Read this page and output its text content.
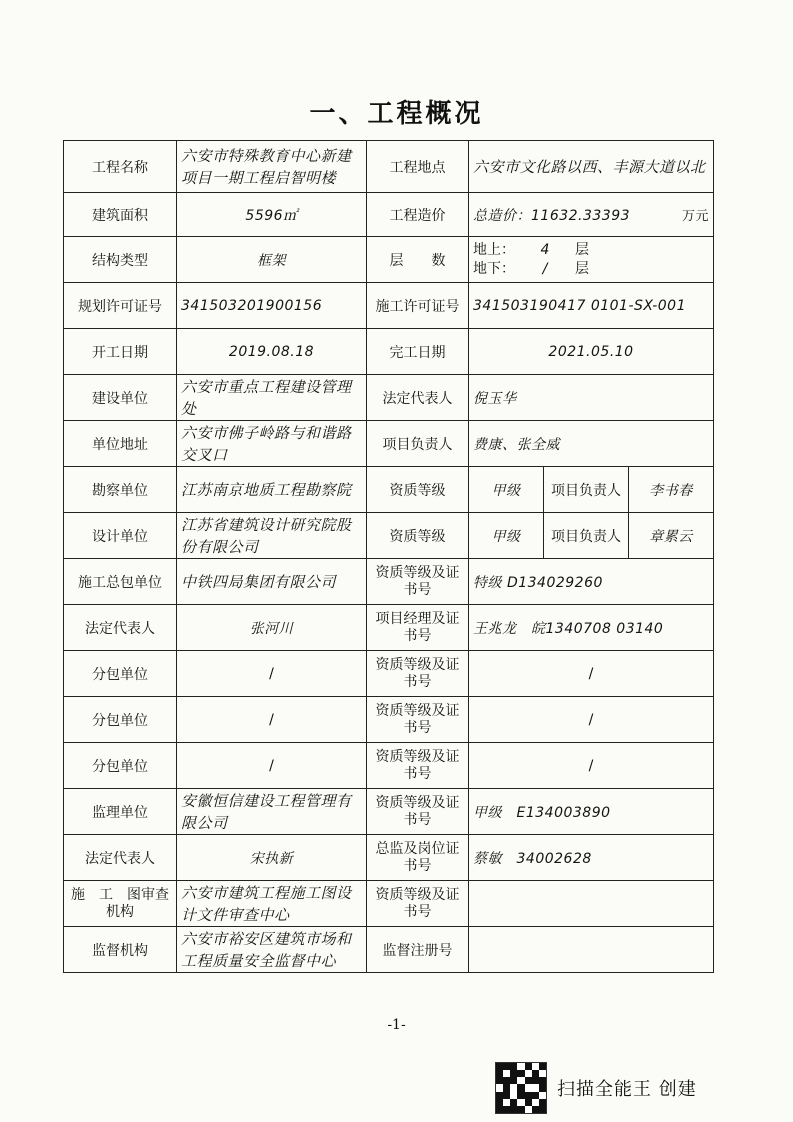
一、工程概况
工程名称	六安市特殊教育中心新建项目一期工程启智明楼	工程地点	六安市文化路以西、丰源大道以北		
建筑面积	5596㎡	工程造价	总造价：11632.33393 万元		

结构类型	框架	层　　数	地上： 4 层
地下： / 层		

规划许可证号	341503201900156	施工许可证号	341503190417 0101-SX-001		
开工日期	2019.08.18	完工日期	2021.05.10		
建设单位	六安市重点工程建设管理处	法定代表人	倪玉华		
单位地址	六安市佛子岭路与和谐路交叉口	项目负责人	费康、张全威		
勘察单位	江苏南京地质工程勘察院	资质等级	甲级	项目负责人	李书春
设计单位	江苏省建筑设计研究院股份有限公司	资质等级	甲级	项目负责人	章累云
施工总包单位	中铁四局集团有限公司	资质等级及证书号	特级 D134029260		
法定代表人	张河川	项目经理及证书号	王兆龙　皖1340708 03140		
分包单位	/	资质等级及证书号	/		
分包单位	/	资质等级及证书号	/		
分包单位	/	资质等级及证书号	/		
监理单位	安徽恒信建设工程管理有限公司	资质等级及证书号	甲级　E134003890		
法定代表人	宋执新	总监及岗位证书号	蔡敏　34002628		
施　工　图审查机构	六安市建筑工程施工图设计文件审查中心	资质等级及证书号			
监督机构	六安市裕安区建筑市场和工程质量安全监督中心	监督注册号			
-1-
扫描全能王 创建
